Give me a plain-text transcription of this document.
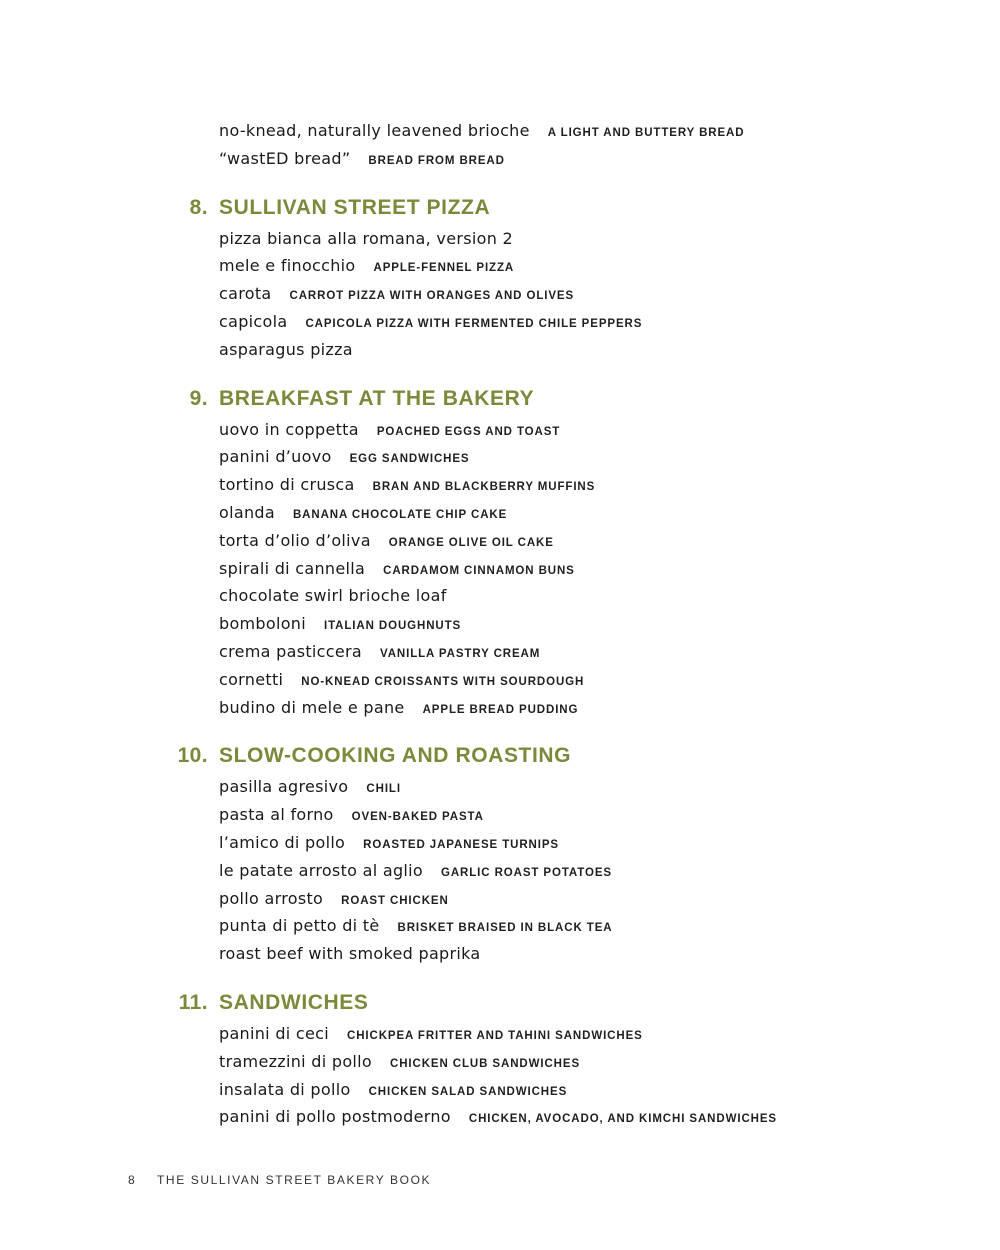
no-knead, naturally leavened brioche A LIGHT AND BUTTERY BREAD
“wastED bread” BREAD FROM BREAD
8. SULLIVAN STREET PIZZA
pizza bianca alla romana, version 2
mele e finocchio APPLE-FENNEL PIZZA
carota CARROT PIZZA WITH ORANGES AND OLIVES
capicola CAPICOLA PIZZA WITH FERMENTED CHILE PEPPERS
asparagus pizza
9. BREAKFAST AT THE BAKERY
uovo in coppetta POACHED EGGS AND TOAST
panini d’uovo EGG SANDWICHES
tortino di crusca BRAN AND BLACKBERRY MUFFINS
olanda BANANA CHOCOLATE CHIP CAKE
torta d’olio d’oliva ORANGE OLIVE OIL CAKE
spirali di cannella CARDAMOM CINNAMON BUNS
chocolate swirl brioche loaf
bomboloni ITALIAN DOUGHNUTS
crema pasticcera VANILLA PASTRY CREAM
cornetti NO-KNEAD CROISSANTS WITH SOURDOUGH
budino di mele e pane APPLE BREAD PUDDING
10. SLOW-COOKING AND ROASTING
pasilla agresivo CHILI
pasta al forno OVEN-BAKED PASTA
l’amico di pollo ROASTED JAPANESE TURNIPS
le patate arrosto al aglio GARLIC ROAST POTATOES
pollo arrosto ROAST CHICKEN
punta di petto di tè BRISKET BRAISED IN BLACK TEA
roast beef with smoked paprika
11. SANDWICHES
panini di ceci CHICKPEA FRITTER AND TAHINI SANDWICHES
tramezzini di pollo CHICKEN CLUB SANDWICHES
insalata di pollo CHICKEN SALAD SANDWICHES
panini di pollo postmoderno CHICKEN, AVOCADO, AND KIMCHI SANDWICHES
8 THE SULLIVAN STREET BAKERY BOOK
